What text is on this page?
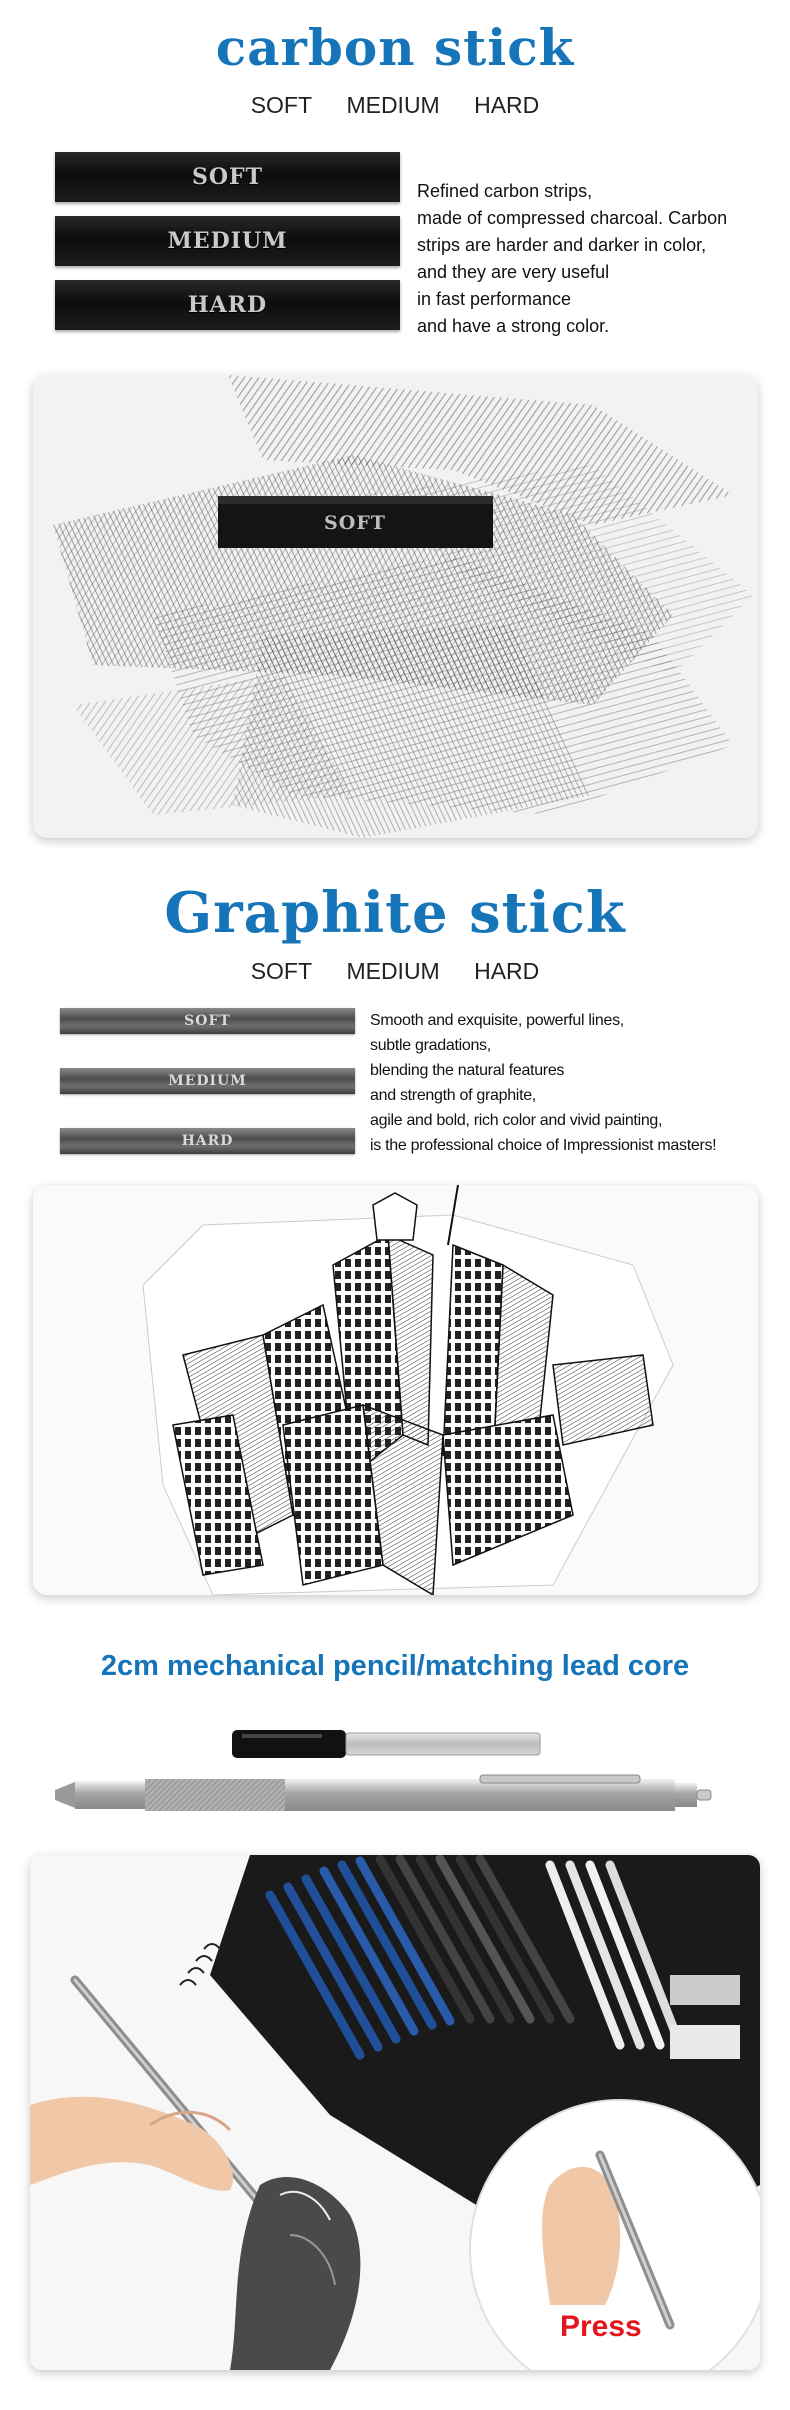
carbon stick
SOFT MEDIUM HARD
SOFT
MEDIUM
HARD
Refined carbon strips,
made of compressed charcoal. Carbon
strips are harder and darker in color,
and they are very useful
in fast performance
and have a strong color.
SOFT
Graphite stick
SOFT MEDIUM HARD
SOFT
MEDIUM
HARD
Smooth and exquisite, powerful lines,
subtle gradations,
blending the natural features
and strength of graphite,
agile and bold, rich color and vivid painting,
is the professional choice of Impressionist masters!
2cm mechanical pencil/matching lead core
Press
